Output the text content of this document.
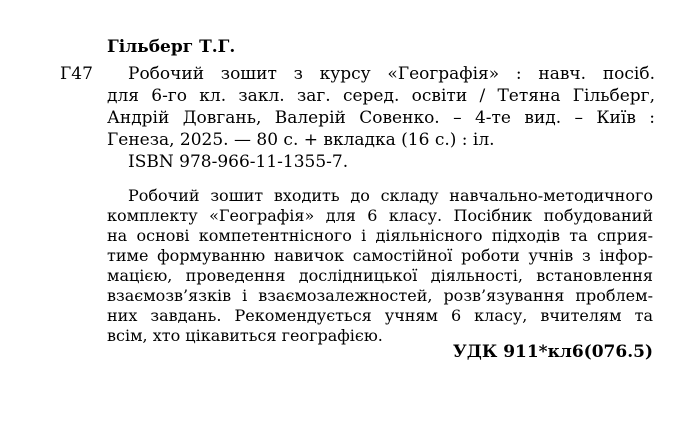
Гільберг Т.Г.
Г47 Робочий зошит з курсу «Географія» : навч. посіб.
для 6-го кл. закл. заг. серед. освіти / Тетяна Гільберг,
Андрій Довгань, Валерій Совенко. – 4-те вид. – Київ :
Генеза, 2025. — 80 с. + вкладка (16 с.) : іл.
ISBN 978-966-11-1355-7.
Робочий зошит входить до складу навчально-методичного
комплекту «Географія» для 6 класу. Посібник побудований
на основі компетентнісного і діяльнісного підходів та сприя-
тиме формуванню навичок самостійної роботи учнів з інфор-
мацією, проведення дослідницької діяльності, встановлення
взаємозв’язків і взаємозалежностей, розв’язування проблем-
них завдань. Рекомендується учням 6 класу, вчителям та
всім, хто цікавиться географією.
УДК 911*кл6(076.5)
